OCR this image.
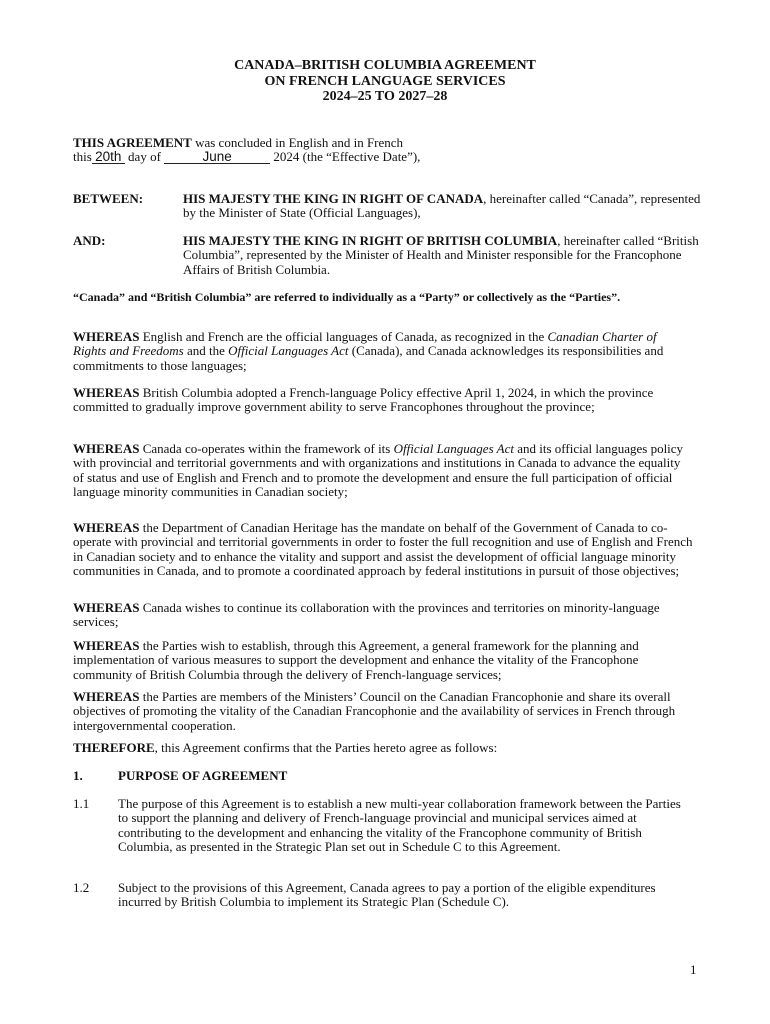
CANADA–BRITISH COLUMBIA AGREEMENT
ON FRENCH LANGUAGE SERVICES
2024–25 TO 2027–28
THIS AGREEMENT was concluded in English and in French
this 20th
day of	June	2024 (the “Effective Date”),
BETWEEN:	HIS MAJESTY THE KING IN RIGHT OF CANADA, hereinafter called “Canada”, represented by the Minister of State (Official Languages),
AND:	HIS MAJESTY THE KING IN RIGHT OF BRITISH COLUMBIA, hereinafter called “British Columbia”, represented by the Minister of Health and Minister responsible for the Francophone Affairs of British Columbia.
“Canada” and “British Columbia” are referred to individually as a “Party” or collectively as the “Parties”.
WHEREAS English and French are the official languages of Canada, as recognized in the Canadian Charter of Rights and Freedoms and the Official Languages Act (Canada), and Canada acknowledges its responsibilities and commitments to those languages;
WHEREAS British Columbia adopted a French-language Policy effective April 1, 2024, in which the province committed to gradually improve government ability to serve Francophones throughout the province;
WHEREAS Canada co-operates within the framework of its Official Languages Act and its official languages policy with provincial and territorial governments and with organizations and institutions in Canada to advance the equality of status and use of English and French and to promote the development and ensure the full participation of official language minority communities in Canadian society;
WHEREAS the Department of Canadian Heritage has the mandate on behalf of the Government of Canada to co-operate with provincial and territorial governments in order to foster the full recognition and use of English and French in Canadian society and to enhance the vitality and support and assist the development of official language minority communities in Canada, and to promote a coordinated approach by federal institutions in pursuit of those objectives;
WHEREAS Canada wishes to continue its collaboration with the provinces and territories on minority-language services;
WHEREAS the Parties wish to establish, through this Agreement, a general framework for the planning and implementation of various measures to support the development and enhance the vitality of the Francophone community of British Columbia through the delivery of French-language services;
WHEREAS the Parties are members of the Ministers’ Council on the Canadian Francophonie and share its overall objectives of promoting the vitality of the Canadian Francophonie and the availability of services in French through intergovernmental cooperation.
THEREFORE, this Agreement confirms that the Parties hereto agree as follows:
1.	PURPOSE OF AGREEMENT
1.1 The purpose of this Agreement is to establish a new multi-year collaboration framework between the Parties to support the planning and delivery of French-language provincial and municipal services aimed at contributing to the development and enhancing the vitality of the Francophone community of British Columbia, as presented in the Strategic Plan set out in Schedule C to this Agreement.
1.2 Subject to the provisions of this Agreement, Canada agrees to pay a portion of the eligible expenditures incurred by British Columbia to implement its Strategic Plan (Schedule C).
1
